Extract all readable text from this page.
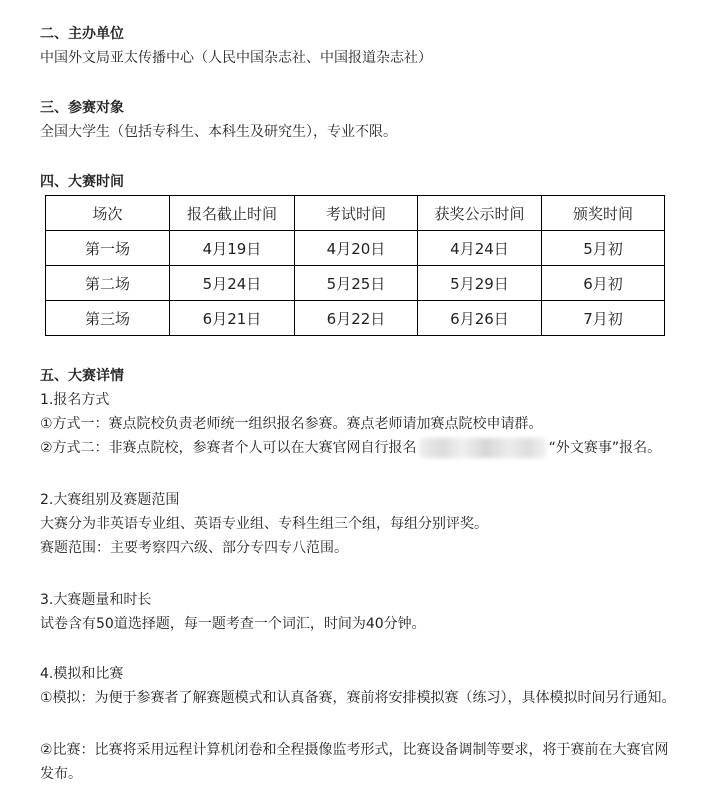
二、主办单位

中国外文局亚太传播中心（人民中国杂志社、中国报道杂志社）

三、参赛对象

全国大学生（包括专科生、本科生及研究生），专业不限。

四、大赛时间

场次	报名截止时间	考试时间	获奖公示时间	颁奖时间
第一场	4月19日	4月20日	4月24日	5月初
第二场	5月24日	5月25日	5月29日	6月初
第三场	6月21日	6月22日	6月26日	7月初

五、大赛详情

1.报名方式

①方式一：赛点院校负责老师统一组织报名参赛。赛点老师请加赛点院校申请群。

②方式二：非赛点院校，参赛者个人可以在大赛官网自行报名	“外文赛事”报名。

2.大赛组别及赛题范围

大赛分为非英语专业组、英语专业组、专科生组三个组，每组分别评奖。

赛题范围：主要考察四六级、部分专四专八范围。

3.大赛题量和时长

试卷含有50道选择题，每一题考查一个词汇，时间为40分钟。

4.模拟和比赛

①模拟：为便于参赛者了解赛题模式和认真备赛，赛前将安排模拟赛（练习），具体模拟时间另行通知。

②比赛：比赛将采用远程计算机闭卷和全程摄像监考形式，比赛设备调制等要求，将于赛前在大赛官网发布。
